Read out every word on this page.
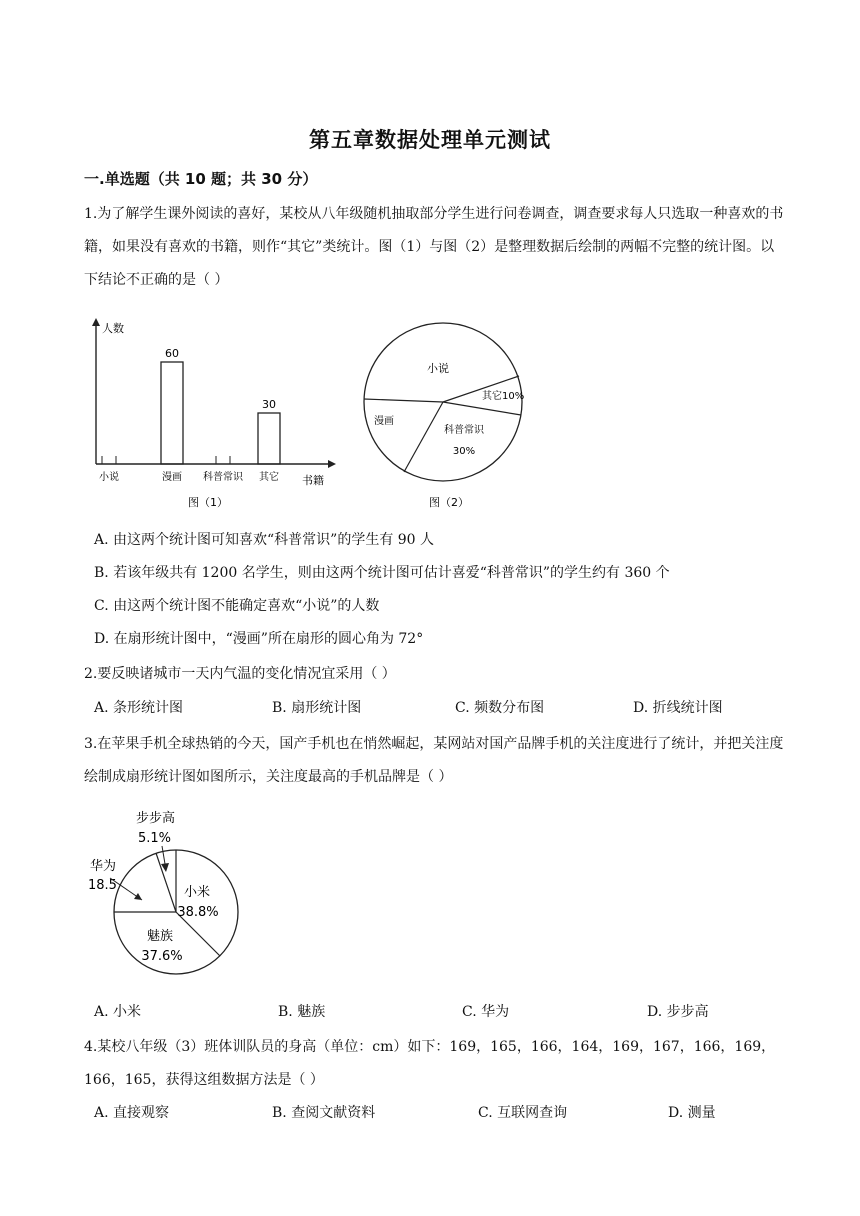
第五章数据处理单元测试
一.单选题（共 10 题；共 30 分）
1.为了解学生课外阅读的喜好，某校从八年级随机抽取部分学生进行问卷调查，调查要求每人只选取一种喜欢的书籍，如果没有喜欢的书籍，则作“其它”类统计。图（1）与图（2）是整理数据后绘制的两幅不完整的统计图。以下结论不正确的是（ ）
人数
书籍
小说
60
漫画 科普常识
30
其它
图（1）
小说
其它10%
科普常识
30%
漫画
图（2）
A. 由这两个统计图可知喜欢“科普常识”的学生有 90 人
B. 若该年级共有 1200 名学生，则由这两个统计图可估计喜爱“科普常识”的学生约有 360 个
C. 由这两个统计图不能确定喜欢“小说”的人数
D. 在扇形统计图中，“漫画”所在扇形的圆心角为 72°
2.要反映诸城市一天内气温的变化情况宜采用（ ）
A. 条形统计图	B. 扇形统计图	C. 频数分布图	D. 折线统计图
3.在苹果手机全球热销的今天，国产手机也在悄然崛起，某网站对国产品牌手机的关注度进行了统计，并把关注度绘制成扇形统计图如图所示，关注度最高的手机品牌是（ ）
小米
38.8%
魅族
37.6%
华为
18.5
步步高
5.1%
A. 小米	B. 魅族	C. 华为	D. 步步高
4.某校八年级（3）班体训队员的身高（单位：cm）如下：169，165，166，164，169，167，166，169，166，165，获得这组数据方法是（ ）
A. 直接观察	B. 查阅文献资料	C. 互联网查询	D. 测量
